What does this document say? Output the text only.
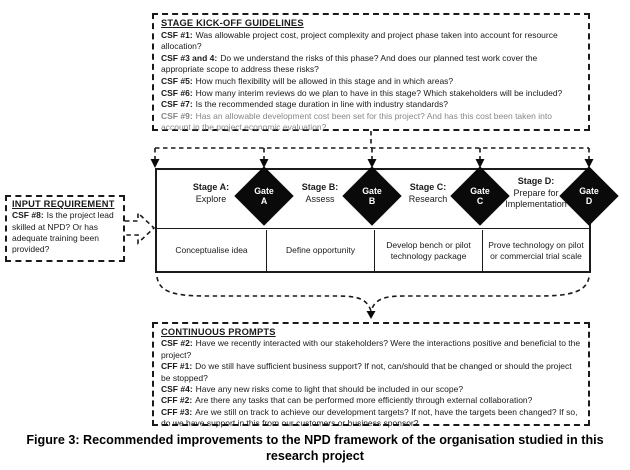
STAGE KICK-OFF GUIDELINES
CSF #1: Was allowable project cost, project complexity and project phase taken into account for resource allocation?
CSF #3 and 4: Do we understand the risks of this phase? And does our planned test work cover the appropriate scope to address these risks?
CSF #5: How much flexibility will be allowed in this stage and in which areas?
CSF #6: How many interim reviews do we plan to have in this stage? Which stakeholders will be included?
CSF #7: Is the recommended stage duration in line with industry standards?
CSF #9: Has an allowable development cost been set for this project? And has this cost been taken into account in the project economic evaluation?
INPUT REQUIREMENT
CSF #8: Is the project lead skilled at NPD? Or has adequate training been provided?
Stage A:
Explore
Stage B:
Assess
Stage C:
Research
Stage D:
Prepare for Implementation
Conceptualise idea	Define opportunity
Develop bench or pilot technology package
Prove technology on pilot or commercial trial scale
Gate
A
Gate
B
Gate
C
Gate
D
CONTINUOUS PROMPTS
CSF #2: Have we recently interacted with our stakeholders? Were the interactions positive and beneficial to the project?
CFF #1: Do we still have sufficient business support? If not, can/should that be changed or should the project be stopped?
CSF #4: Have any new risks come to light that should be included in our scope?
CFF #2: Are there any tasks that can be performed more efficiently through external collaboration?
CFF #3: Are we still on track to achieve our development targets? If not, have the targets been changed? If so, do we have support in this from our customers or business sponsor?
Figure 3: Recommended improvements to the NPD framework of the organisation studied in this research project
